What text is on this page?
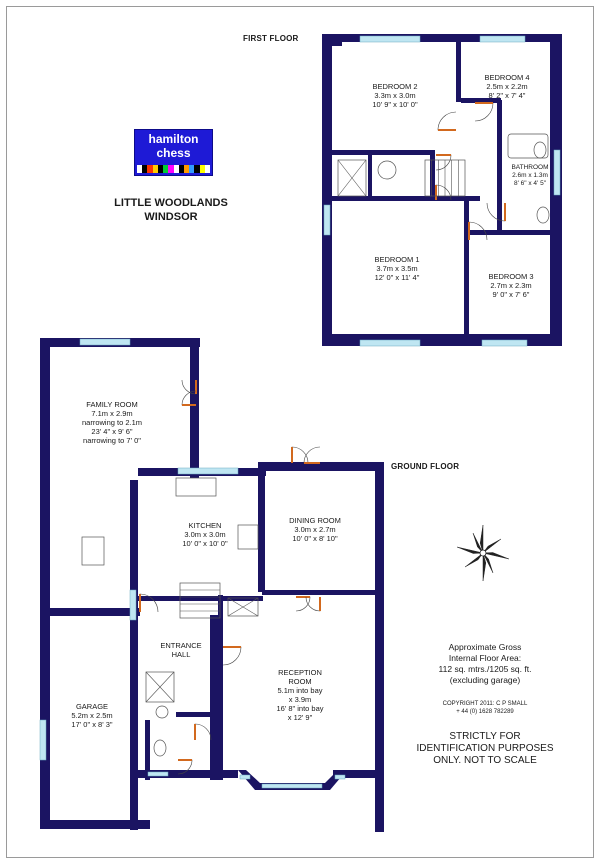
FIRST FLOOR
GROUND FLOOR
hamilton
chess
LITTLE WOODLANDS
WINDSOR
BEDROOM 2
3.3m x 3.0m
10' 9" x 10' 0"
BEDROOM 4
2.5m x 2.2m
8' 2" x 7' 4"
BATHROOM
2.6m x 1.3m
8' 6" x 4' 5"
BEDROOM 1
3.7m x 3.5m
12' 0" x 11' 4"	BEDROOM 3
2.7m x 2.3m
9' 0" x 7' 6"
FAMILY ROOM
7.1m x 2.9m
narrowing to 2.1m
23' 4" x 9' 6"
narrowing to 7' 0"
KITCHEN
3.0m x 3.0m
10' 0" x 10' 0"
DINING ROOM
3.0m x 2.7m
10' 0" x 8' 10"
ENTRANCE
HALL
RECEPTION
ROOM
5.1m into bay
x 3.9m
16' 8" into bay
x 12' 9"
GARAGE
5.2m x 2.5m
17' 0" x 8' 3"
Approximate Gross
Internal Floor Area:
112 sq. mtrs./1205 sq. ft.
(excluding garage)
COPYRIGHT 2011: C P SMALL
+ 44 (0) 1628 782289
STRICTLY FOR
IDENTIFICATION PURPOSES
ONLY. NOT TO SCALE
